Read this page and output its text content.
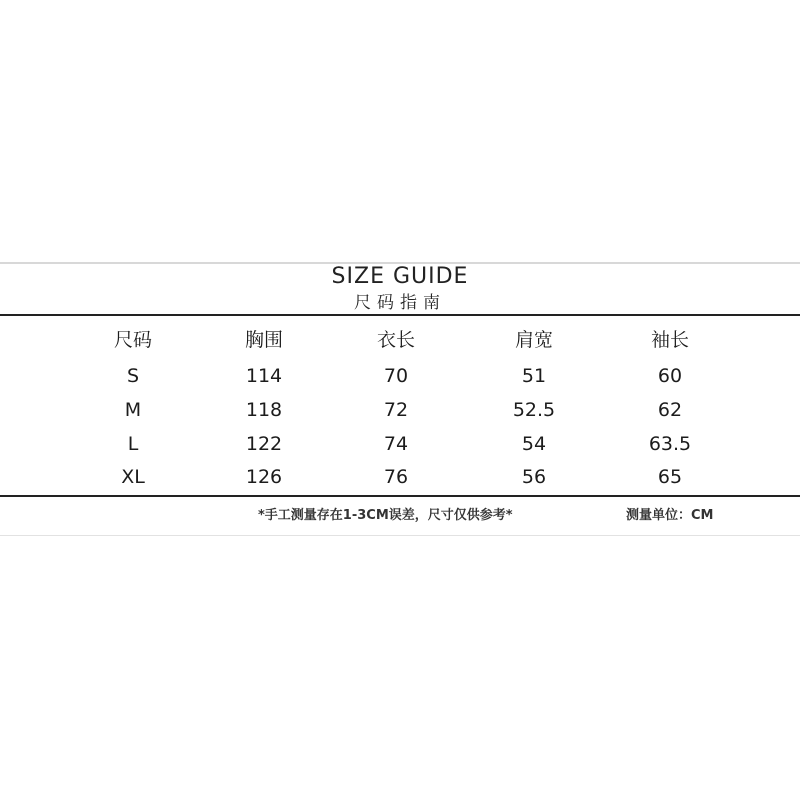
SIZE GUIDE
尺码指南
尺码	胸围	衣长	肩宽	袖长
S	114	70	51	60
M	118	72	52.5	62
L	122	74	54	63.5
XL	126	76	56	65
*手工测量存在1-3CM误差，尺寸仅供参考*	测量单位：CM
